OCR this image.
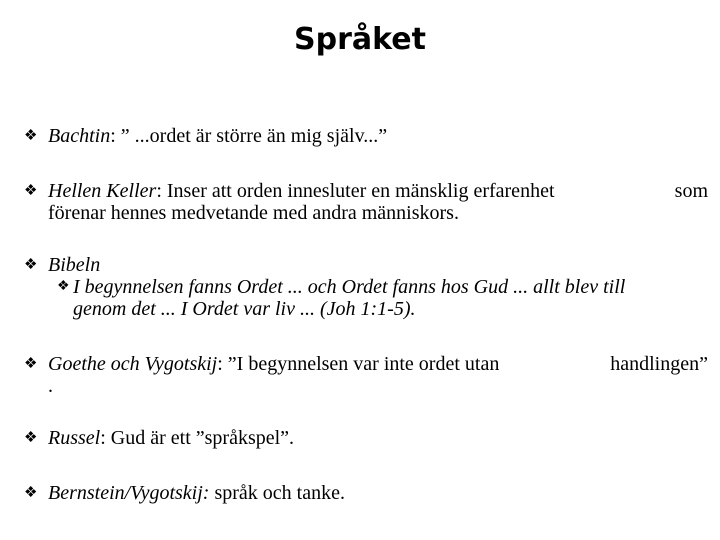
Språket
❖ Bachtin: ” ...ordet är större än mig själv...”
❖ Hellen Keller: Inser att orden innesluter en mänsklig erfarenhet	som
förenar hennes medvetande med andra människors.
❖ Bibeln
❖ I begynnelsen fanns Ordet ... och Ordet fanns hos Gud ... allt blev till
genom det ... I Ordet var liv ... (Joh 1:1-5).
❖ Goethe och Vygotskij: ”I begynnelsen var inte ordet utan	handlingen”
.
❖ Russel: Gud är ett ”språkspel”.
❖ Bernstein/Vygotskij: språk och tanke.
